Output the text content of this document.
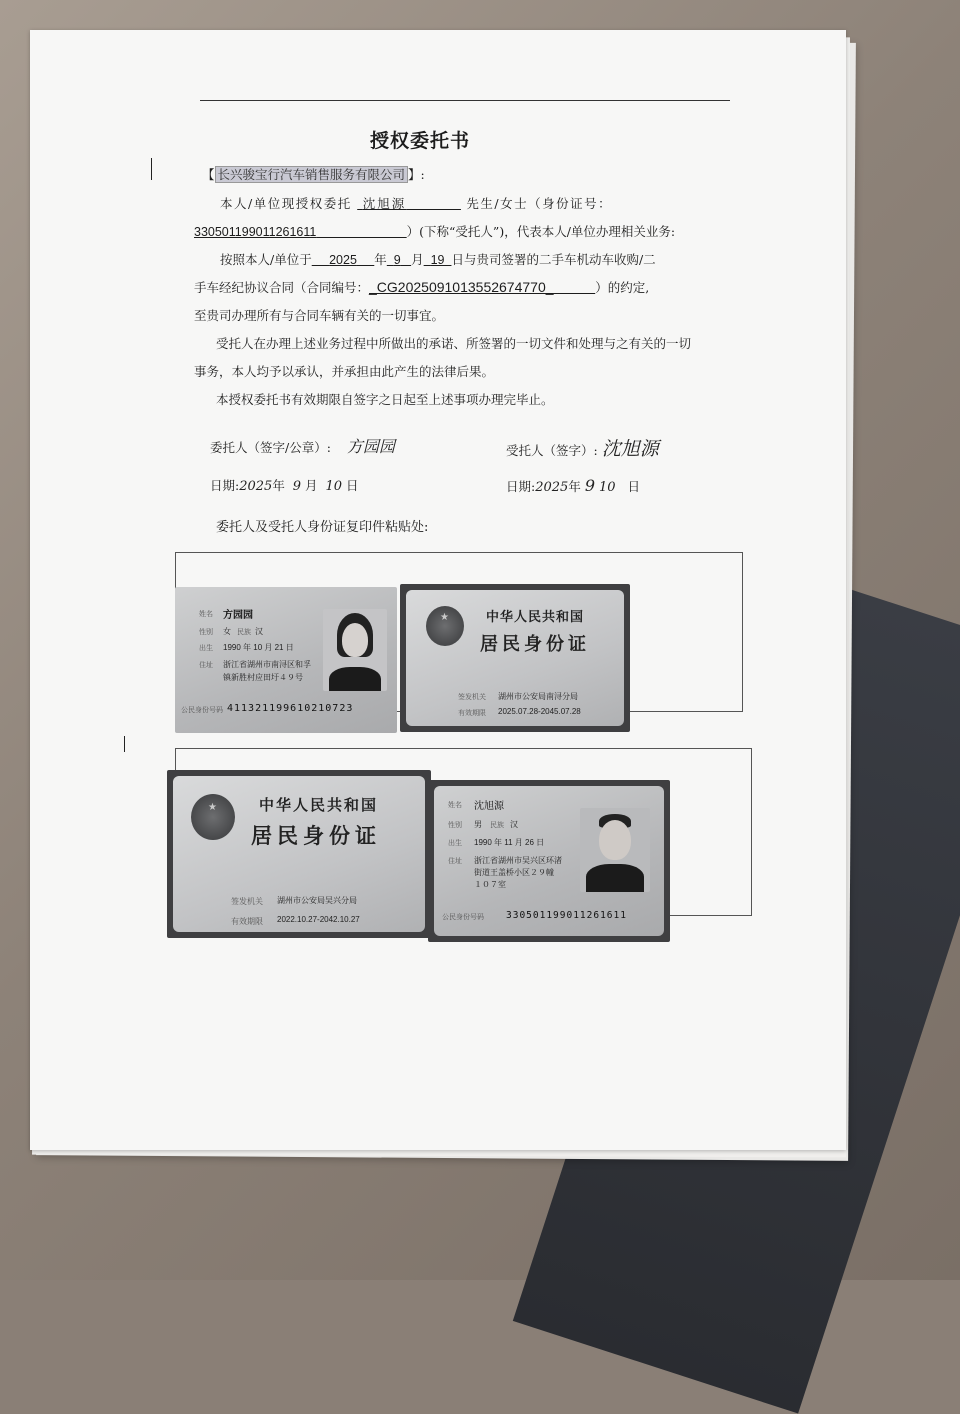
授权委托书
【 长兴骏宝行汽车销售服务有限公司 】:
本人/单位现授权委托 沈旭源	先生/女士（身份证号：
330501199011261611	）(下称“受托人”)，代表本人/单位办理相关业务:
按照本人/单位于 2025 年 9 月 19 日与贵司签署的二手车机动车收购/二
手车经纪协议合同（合同编号：_CG2025091013552674770_	）的约定,
至贵司办理所有与合同车辆有关的一切事宜。
受托人在办理上述业务过程中所做出的承诺、所签署的一切文件和处理与之有关的一切
事务，本人均予以承认，并承担由此产生的法律后果。
本授权委托书有效期限自签字之日起至上述事项办理完毕止。
委托人（签字/公章）: 方园园	受托人（签字）: 沈旭源
日期:2025年 9 月 10 日	日期:2025年 9 10 日
委托人及受托人身份证复印件粘贴处:
姓名 方园园
性别 女 民族 汉
出生 1990 年 10 月 21 日
住址 浙江省湖州市南浔区和孚
镇新胜村应田圩４９号
公民身份号码 411321199610210723
★	中华人民共和国
居民身份证
签发机关 湖州市公安局南浔分局
有效期限 2025.07.28-2045.07.28
★	中华人民共和国
居民身份证
签发机关 湖州市公安局吴兴分局
有效期限 2022.10.27-2042.10.27
姓名 沈旭源
性别 男 民族 汉
出生 1990 年 11 月 26 日
住址 浙江省湖州市吴兴区环渚
街道王盖桥小区２９幢
１０７室
公民身份号码 330501199011261611
